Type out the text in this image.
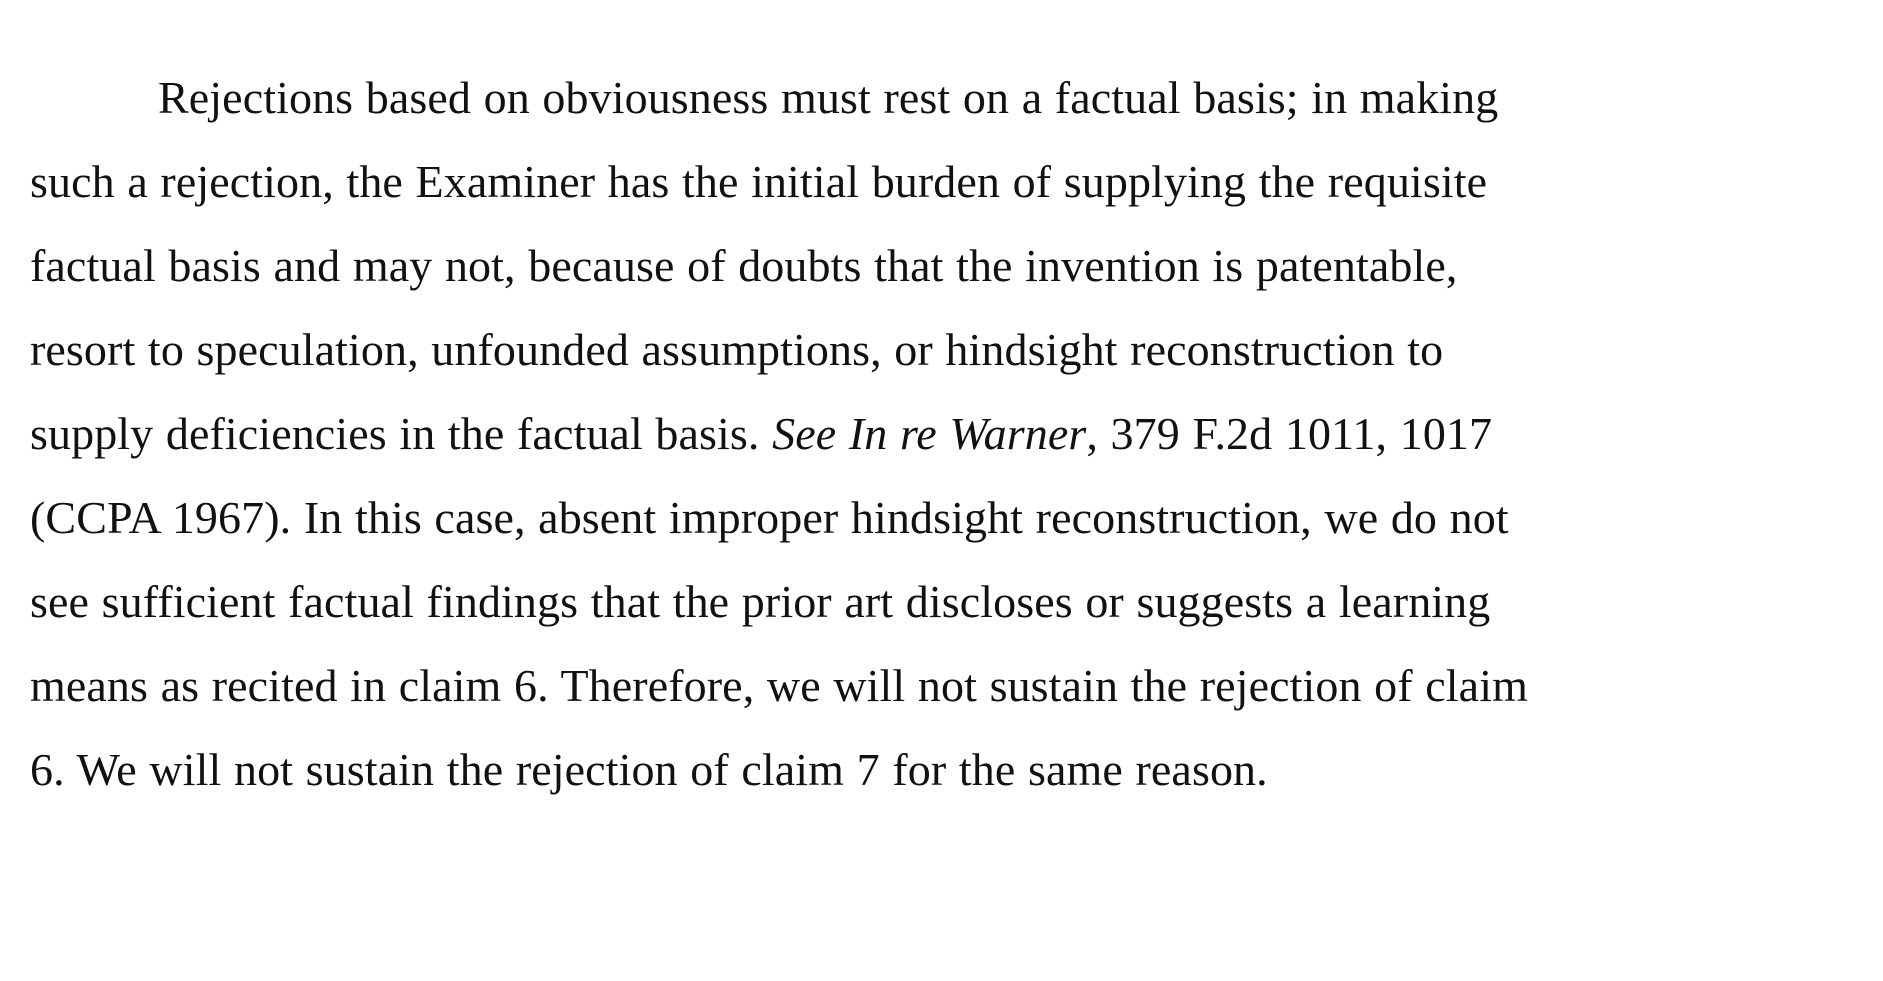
Rejections based on obviousness must rest on a factual basis; in making such a rejection, the Examiner has the initial burden of supplying the requisite factual basis and may not, because of doubts that the invention is patentable, resort to speculation, unfounded assumptions, or hindsight reconstruction to supply deficiencies in the factual basis. See In re Warner, 379 F.2d 1011, 1017 (CCPA 1967). In this case, absent improper hindsight reconstruction, we do not see sufficient factual findings that the prior art discloses or suggests a learning means as recited in claim 6. Therefore, we will not sustain the rejection of claim 6. We will not sustain the rejection of claim 7 for the same reason.
